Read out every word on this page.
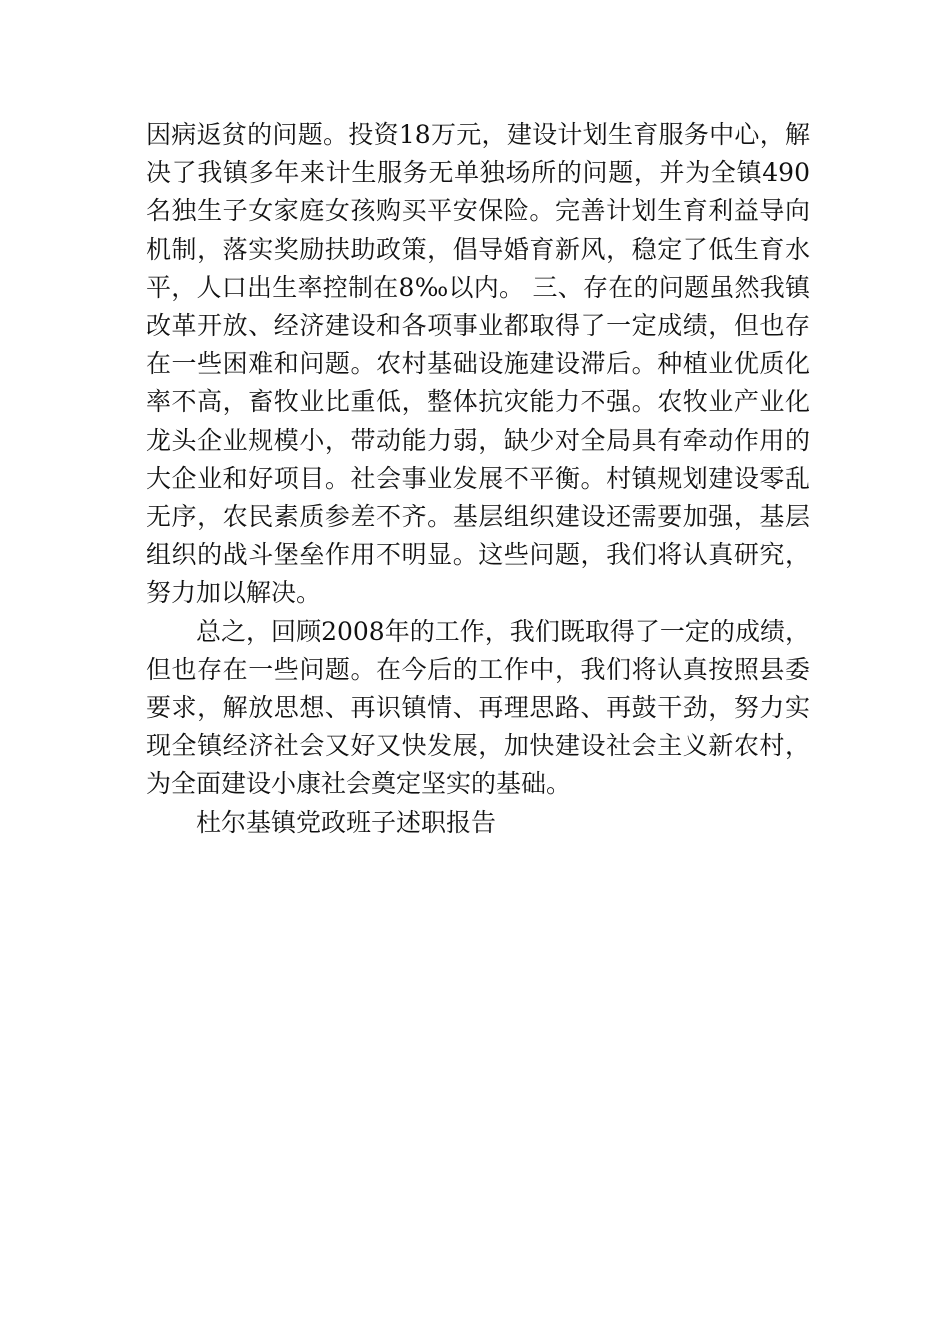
因病返贫的问题。投资18万元，建设计划生育服务中心，解决了我镇多年来计生服务无单独场所的问题，并为全镇490名独生子女家庭女孩购买平安保险。完善计划生育利益导向机制，落实奖励扶助政策，倡导婚育新风，稳定了低生育水平，人口出生率控制在8‰以内。 三、存在的问题虽然我镇改革开放、经济建设和各项事业都取得了一定成绩，但也存在一些困难和问题。农村基础设施建设滞后。种植业优质化率不高，畜牧业比重低，整体抗灾能力不强。农牧业产业化龙头企业规模小，带动能力弱，缺少对全局具有牵动作用的大企业和好项目。社会事业发展不平衡。村镇规划建设零乱无序，农民素质参差不齐。基层组织建设还需要加强，基层组织的战斗堡垒作用不明显。这些问题，我们将认真研究，努力加以解决。

总之，回顾2008年的工作，我们既取得了一定的成绩，但也存在一些问题。在今后的工作中，我们将认真按照县委要求，解放思想、再识镇情、再理思路、再鼓干劲，努力实现全镇经济社会又好又快发展，加快建设社会主义新农村，为全面建设小康社会奠定坚实的基础。

杜尔基镇党政班子述职报告
